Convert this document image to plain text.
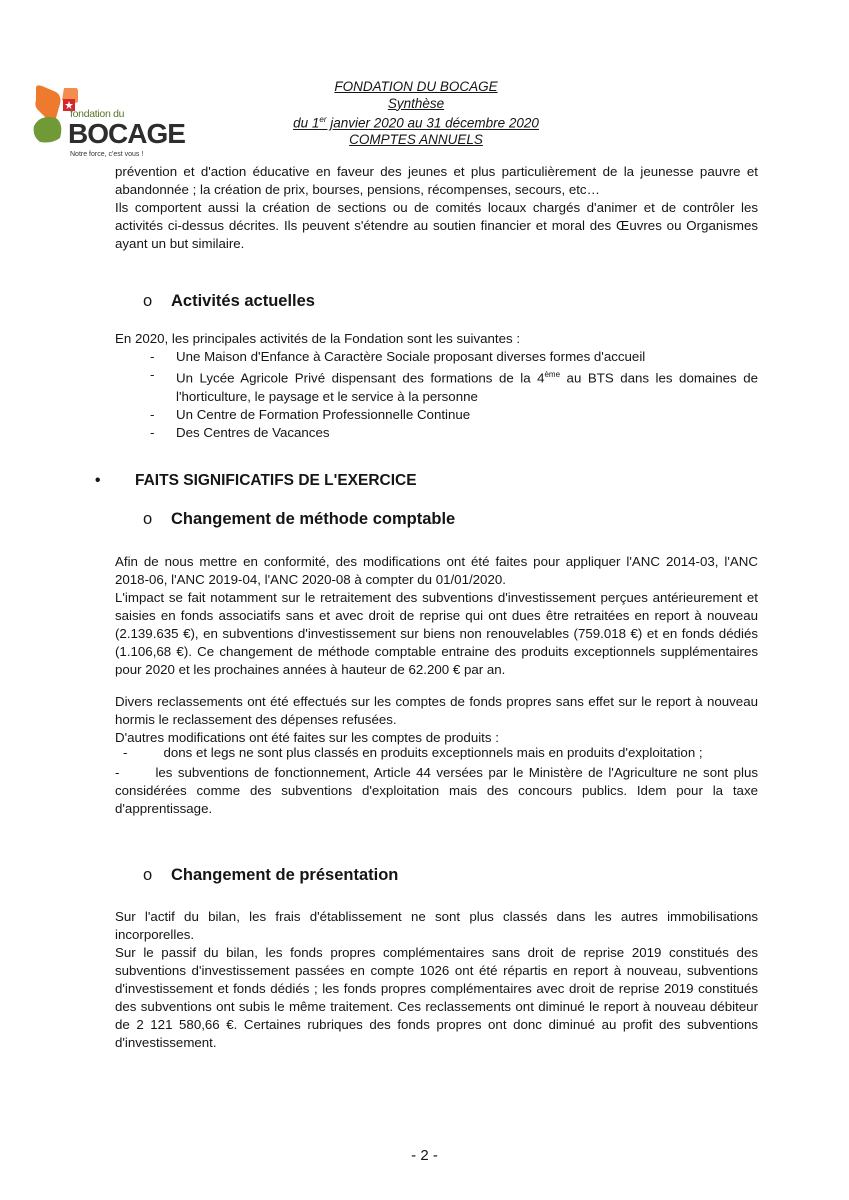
fondation du
BOCAGE
Notre force, c'est vous !
FONDATION DU BOCAGE
Synthèse
du 1er janvier 2020 au 31 décembre 2020
COMPTES ANNUELS

prévention et d'action éducative en faveur des jeunes et plus particulièrement de la jeunesse pauvre et abandonnée ; la création de prix, bourses, pensions, récompenses, secours, etc…

Ils comportent aussi la création de sections ou de comités locaux chargés d'animer et de contrôler les activités ci-dessus décrites. Ils peuvent s'étendre au soutien financier et moral des Œuvres ou Organismes ayant un but similaire.

o Activités actuelles

En 2020, les principales activités de la Fondation sont les suivantes :

- Une Maison d'Enfance à Caractère Sociale proposant diverses formes d'accueil
- Un Lycée Agricole Privé dispensant des formations de la 4ème au BTS dans les domaines de l'horticulture, le paysage et le service à la personne
- Un Centre de Formation Professionnelle Continue
- Des Centres de Vacances
• FAITS SIGNIFICATIFS DE L'EXERCICE
o Changement de méthode comptable

Afin de nous mettre en conformité, des modifications ont été faites pour appliquer l'ANC 2014-03, l'ANC 2018-06, l'ANC 2019-04, l'ANC 2020-08 à compter du 01/01/2020.

L'impact se fait notamment sur le retraitement des subventions d'investissement perçues antérieurement et saisies en fonds associatifs sans et avec droit de reprise qui ont dues être retraitées en report à nouveau (2.139.635 €), en subventions d'investissement sur biens non renouvelables (759.018 €) et en fonds dédiés (1.106,68 €). Ce changement de méthode comptable entraine des produits exceptionnels supplémentaires pour 2020 et les prochaines années à hauteur de 62.200 € par an.

Divers reclassements ont été effectués sur les comptes de fonds propres sans effet sur le report à nouveau hormis le reclassement des dépenses refusées.

D'autres modifications ont été faites sur les comptes de produits :

-	dons et legs ne sont plus classés en produits exceptionnels mais en produits d'exploitation ;
-	les subventions de fonctionnement, Article 44 versées par le Ministère de l'Agriculture ne sont plus considérées comme des subventions d'exploitation mais des concours publics. Idem pour la taxe d'apprentissage.
o Changement de présentation

Sur l'actif du bilan, les frais d'établissement ne sont plus classés dans les autres immobilisations incorporelles.

Sur le passif du bilan, les fonds propres complémentaires sans droit de reprise 2019 constitués des subventions d'investissement passées en compte 1026 ont été répartis en report à nouveau, subventions d'investissement et fonds dédiés ; les fonds propres complémentaires avec droit de reprise 2019 constitués des subventions ont subis le même traitement. Ces reclassements ont diminué le report à nouveau débiteur de 2 121 580,66 €. Certaines rubriques des fonds propres ont donc diminué au profit des subventions d'investissement.

- 2 -
